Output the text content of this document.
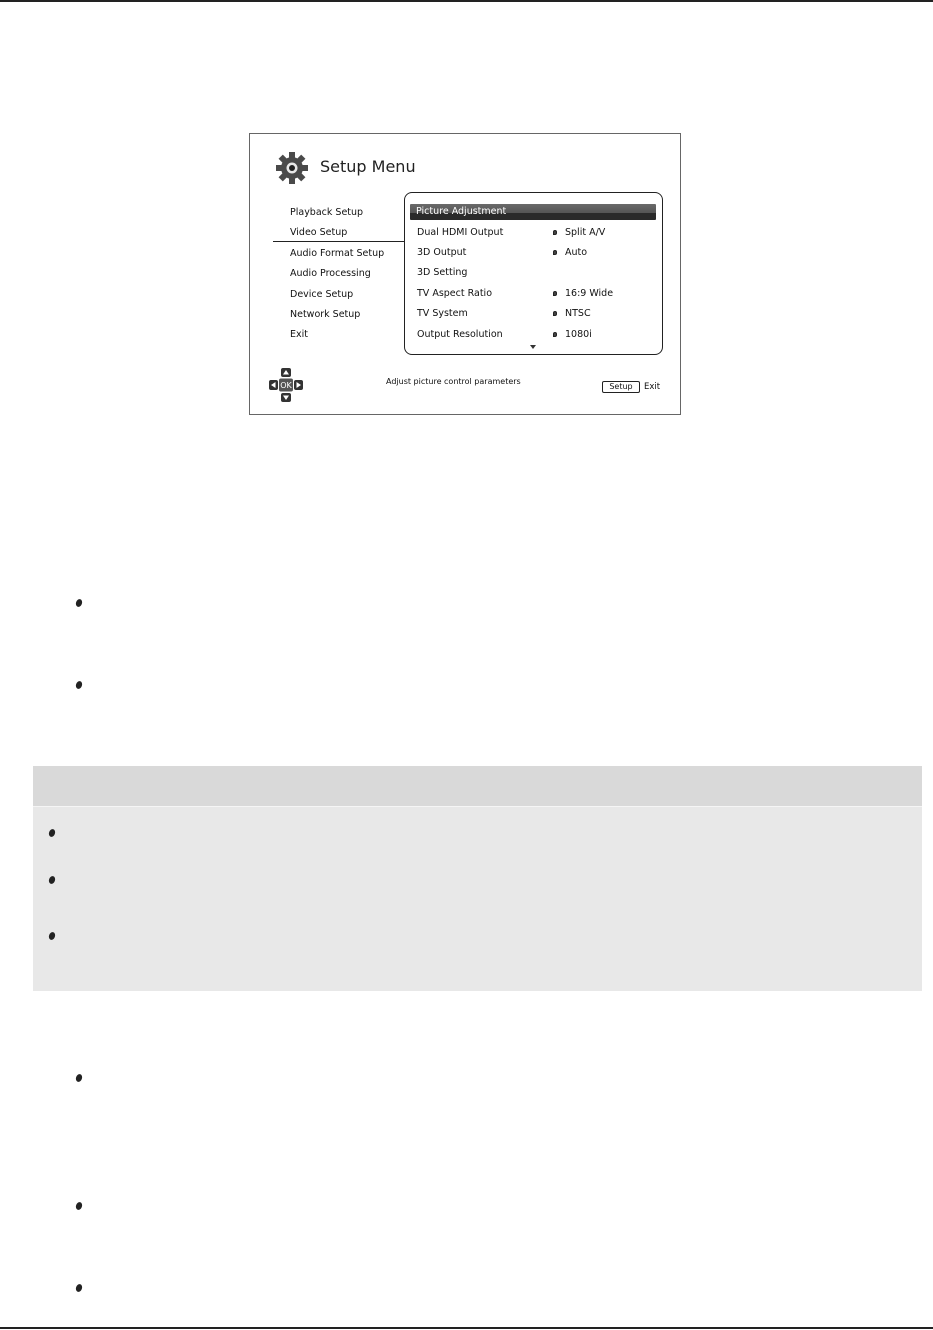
Setup Menu
Playback Setup
Video Setup
Audio Format Setup
Audio Processing
Device Setup
Network Setup
Exit
Picture Adjustment
Dual HDMI Output	Split A/V
3D Output	Auto
3D Setting
TV Aspect Ratio	16:9 Wide
TV System	NTSC
Output Resolution	1080i
OK	Adjust picture control parameters
Setup	Exit
